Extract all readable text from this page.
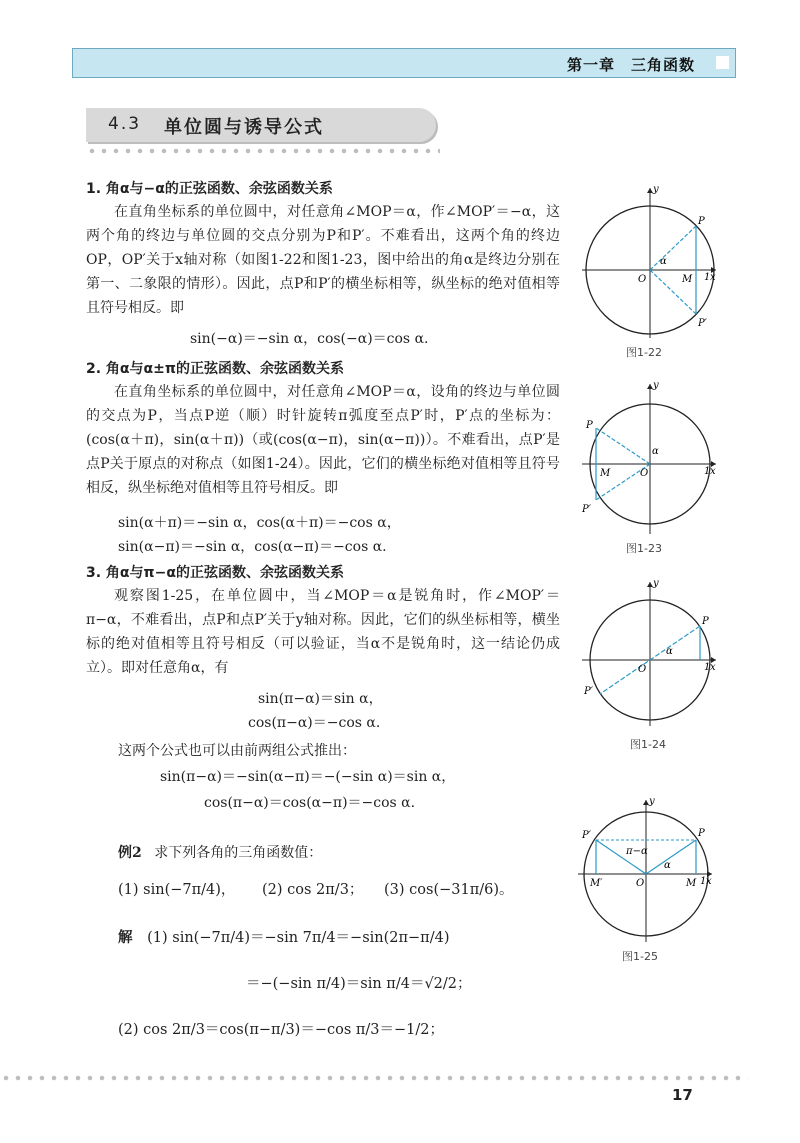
第一章　三角函数
4.3 单位圆与诱导公式
1. 角α与−α的正弦函数、余弦函数关系
在直角坐标系的单位圆中，对任意角∠MOP＝α，作∠MOP′＝−α，这两个角的终边与单位圆的交点分别为P和P′。不难看出，这两个角的终边OP，OP′关于x轴对称（如图1-22和图1-23，图中给出的角α是终边分别在第一、二象限的情形）。因此，点P和P′的横坐标相等，纵坐标的绝对值相等且符号相反。即
sin(−α)＝−sin α，cos(−α)＝cos α.
2. 角α与α±π的正弦函数、余弦函数关系
在直角坐标系的单位圆中，对任意角∠MOP＝α，设角的终边与单位圆的交点为P，当点P逆（顺）时针旋转π弧度至点P′时，P′点的坐标为：(cos(α＋π)，sin(α＋π))（或(cos(α−π)，sin(α−π))）。不难看出，点P′是点P关于原点的对称点（如图1-24）。因此，它们的横坐标绝对值相等且符号相反，纵坐标绝对值相等且符号相反。即
sin(α＋π)＝−sin α，cos(α＋π)＝−cos α，
sin(α−π)＝−sin α，cos(α−π)＝−cos α.
3. 角α与π−α的正弦函数、余弦函数关系
观察图1-25，在单位圆中，当∠MOP＝α是锐角时，作∠MOP′＝π−α，不难看出，点P和点P′关于y轴对称。因此，它们的纵坐标相等，横坐标的绝对值相等且符号相反（可以验证，当α不是锐角时，这一结论仍成立）。即对任意角α，有
sin(π−α)＝sin α，
cos(π−α)＝−cos α.
这两个公式也可以由前两组公式推出：
sin(π−α)＝−sin(α−π)＝−(−sin α)＝sin α，
cos(π−α)＝cos(α−π)＝−cos α.
例2 求下列各角的三角函数值：
(1) sin(−7π/4)， (2) cos 2π/3； (3) cos(−31π/6)。
解 (1) sin(−7π/4)＝−sin 7π/4＝−sin(2π−π/4)
＝−(−sin π/4)＝sin π/4＝√2/2；
(2) cos 2π/3＝cos(π−π/3)＝−cos π/3＝−1/2；
y
P
α
O	M 1 x
P′
图1-22
y
P
α
M	O	1 x
P′
图1-23
y
P
α
O	1 x
P′
图1-24
y
P′
π−α
P
α
M′	O	M 1 x
图1-25
17
